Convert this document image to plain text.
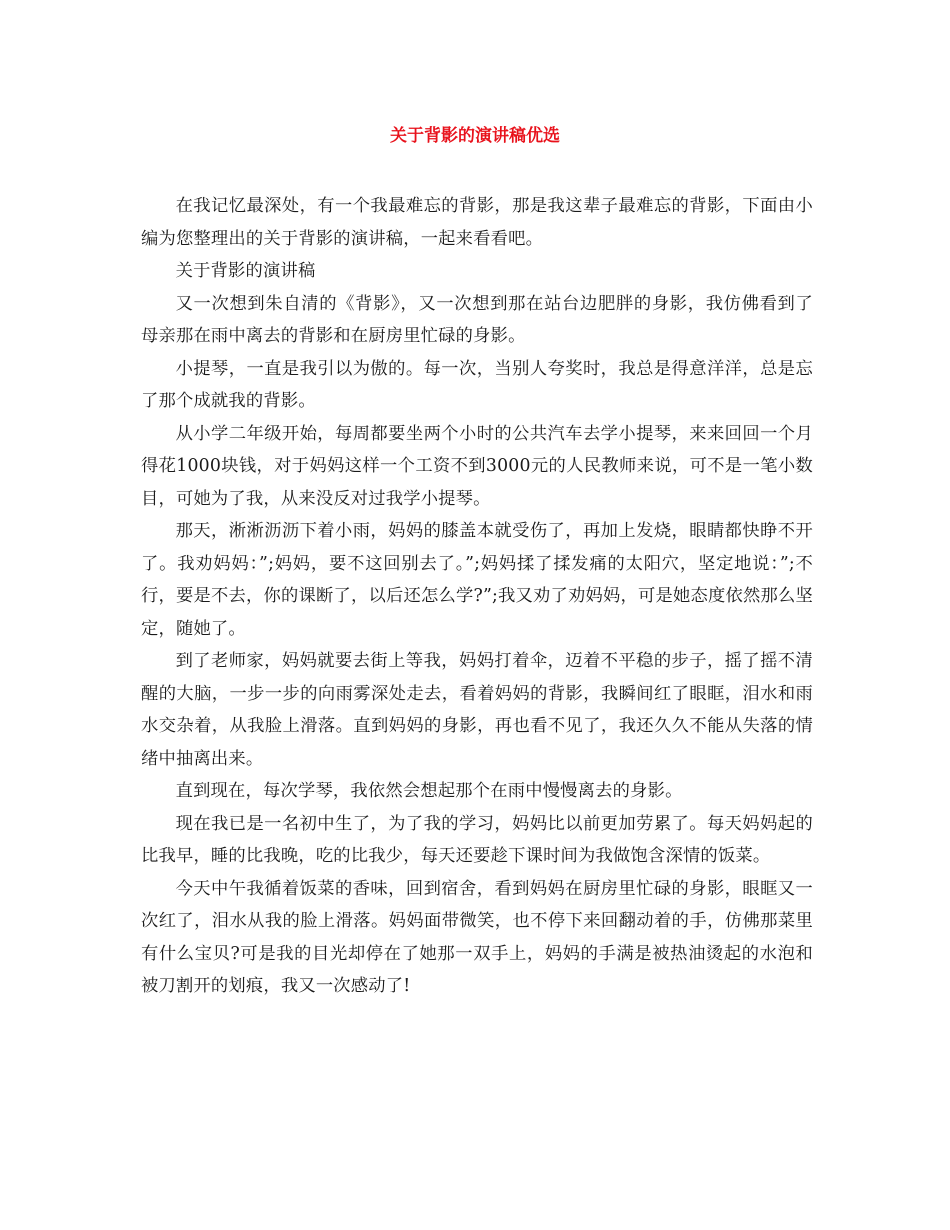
关于背影的演讲稿优选

在我记忆最深处，有一个我最难忘的背影，那是我这辈子最难忘的背影，下面由小编为您整理出的关于背影的演讲稿，一起来看看吧。

关于背影的演讲稿

又一次想到朱自清的《背影》，又一次想到那在站台边肥胖的身影，我仿佛看到了母亲那在雨中离去的背影和在厨房里忙碌的身影。

小提琴，一直是我引以为傲的。每一次，当别人夸奖时，我总是得意洋洋，总是忘了那个成就我的背影。

从小学二年级开始，每周都要坐两个小时的公共汽车去学小提琴，来来回回一个月得花1000块钱，对于妈妈这样一个工资不到3000元的人民教师来说，可不是一笔小数目，可她为了我，从来没反对过我学小提琴。

那天，淅淅沥沥下着小雨，妈妈的膝盖本就受伤了，再加上发烧，眼睛都快睁不开了。我劝妈妈：”;妈妈，要不这回别去了。”;妈妈揉了揉发痛的太阳穴，坚定地说：”;不行，要是不去，你的课断了，以后还怎么学?”;我又劝了劝妈妈，可是她态度依然那么坚定，随她了。

到了老师家，妈妈就要去街上等我，妈妈打着伞，迈着不平稳的步子，摇了摇不清醒的大脑，一步一步的向雨雾深处走去，看着妈妈的背影，我瞬间红了眼眶，泪水和雨水交杂着，从我脸上滑落。直到妈妈的身影，再也看不见了，我还久久不能从失落的情绪中抽离出来。

直到现在，每次学琴，我依然会想起那个在雨中慢慢离去的身影。

现在我已是一名初中生了，为了我的学习，妈妈比以前更加劳累了。每天妈妈起的比我早，睡的比我晚，吃的比我少，每天还要趁下课时间为我做饱含深情的饭菜。

今天中午我循着饭菜的香味，回到宿舍，看到妈妈在厨房里忙碌的身影，眼眶又一次红了，泪水从我的脸上滑落。妈妈面带微笑，也不停下来回翻动着的手，仿佛那菜里有什么宝贝?可是我的目光却停在了她那一双手上，妈妈的手满是被热油烫起的水泡和被刀割开的划痕，我又一次感动了!
